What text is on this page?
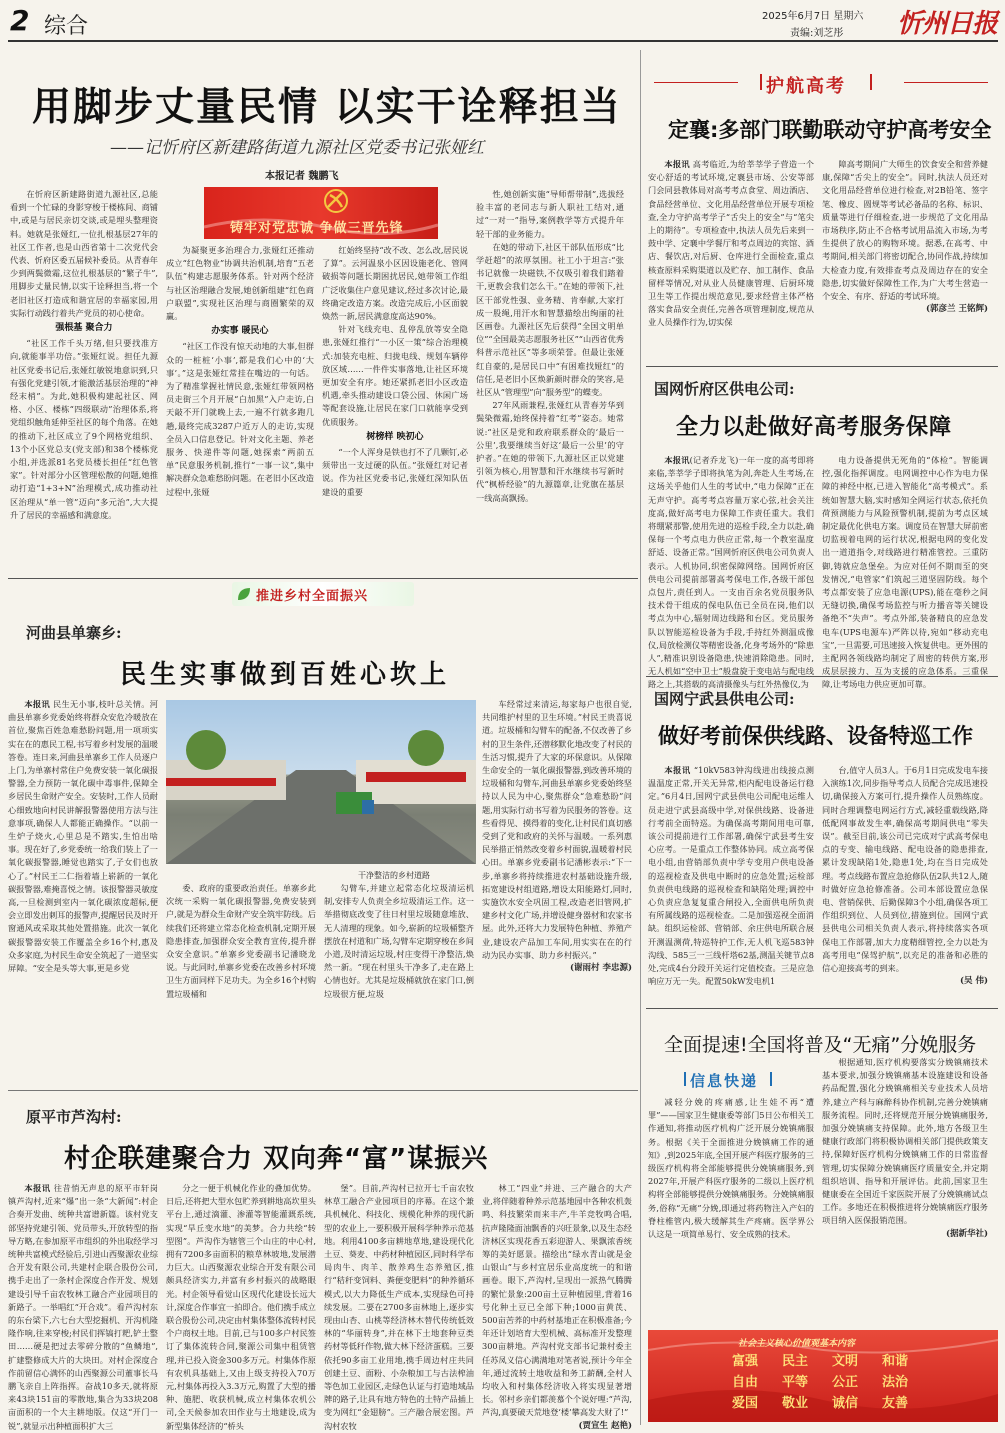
2 综合	2025年6月7日 星期六
责编:刘芝彤 忻州日报
用脚步丈量民情 以实干诠释担当
——记忻府区新建路街道九源社区党委书记张娅红
本报记者 魏鹏飞
铸牢对党忠诚 争做三晋先锋

在忻府区新建路街道九源社区,总能看到一个忙碌的身影穿梭于楼栋间、商铺中,或是与居民亲切交谈,或是埋头整理资料。她就是张娅红,一位扎根基层27年的社区工作者,也是山西省第十二次党代会代表、忻府区委五届候补委员。从青春年少到两鬓微霜,这位扎根基层的“繁子牛”,用脚步丈量民情,以实干诠释担当,将一个老旧社区打造成和谐宜居的幸福家园,用实际行动践行着共产党员的初心使命。

强根基 聚合力

“社区工作千头万绪,但只要找准方向,就能事半功倍。”张娅红说。担任九源社区党委书记后,张娅红敏锐地意识到,只有强化党建引领,才能激活基层治理的“神经末梢”。为此,她积极构建起社区、网格、小区、楼栋“四级联动”治理体系,将党组织触角延伸至社区的每个角落。在她的推动下,社区成立了9个网格党组织、13个小区党总支(党支部)和38个楼栋党小组,并选派81名党员楼长担任“红色管家”。针对部分小区管理松散的问题,她推动打造“1+3+N”治理模式,成功推动社区治理从“单一管”迈向“多元治”,大大提升了居民的幸福感和满意度。

为凝聚更多治理合力,张娅红还推动成立“红色物业”协调共治机制,培育“五老队伍”构建志愿服务体系。针对两个经济与社区治理融合发展,她创新组建“红色商户联盟”,实现社区治理与商圈繁荣的双赢。

办实事 暖民心

“社区工作没有惊天动地的大事,但群众的一桩桩‘小事’,都是我们心中的‘大事’。”这是张娅红常挂在嘴边的一句话。为了精准掌握社情民意,张娅红带领网格员走街三个月开展“白加黑”入户走访,白天敲不开门就晚上去,一遍不行就多跑几趟,最终完成3287户近万人的走访,实现全员入口信息登记。针对文化主题、养老服务、快递件等问题,她探索“两前五单”民意服务机制,推行“一事一议”,集中解决群众急难愁盼问题。在老旧小区改造过程中,张娅

红始终坚持“改不改、怎么改,居民说了算”。云河温泉小区因设施老化、管网破损等问题长期困扰居民,她带领工作组广泛收集住户意见建议,经过多次讨论,最终确定改造方案。改造完成后,小区面貌焕然一新,居民满意度高达90%。

针对飞线充电、乱停乱放等安全隐患,张娅红推行“一小区一策”综合治理模式:加装充电桩、归拢电线、规划车辆停放区域……一件件实事落地,让社区环境更加安全有序。她还紧抓老旧小区改造机遇,牵头推动建设口袋公园、休闲广场等配套设施,让居民在家门口就能享受到优质服务。

树榜样 映初心

“一个人浑身是铁也打不了几颗钉,必须带出一支过硬的队伍。”张娅红对记者说。作为社区党委书记,张娅红深知队伍建设的重要

性,她创新实施“导师帮带制”,选拔经验丰富的老同志与新人职社工结对,通过“一对一”指导,案例教学等方式提升年轻干部的业务能力。

在她的带动下,社区干部队伍形成“比学赶超”的浓厚氛围。社工小于坦言:“张书记就像一块磁铁,不仅吸引着我们踏着干,更教会我们怎么干。”在她的带领下,社区干部党性强、业务精、肯奉献,大家打成一股绳,用汗水和智慧描绘出绚丽的社区画卷。九源社区先后获得“全国文明单位”“全国最美志愿服务社区”“山西省优秀科普示范社区”等多项荣誉。但最让张娅红自豪的,是居民口中“有困难找娅红”的信任,是老旧小区焕新颜时群众的笑容,是社区从“管理型”向“服务型”的蝶变。

27年风雨兼程,张娅红从青春芳华到鬓染微霜,始终保持着“红考”姿态。她常说:“社区是党和政府联系群众的‘最后一公里’,我要继续当好这‘最后一公里’的守护者。”在她的带领下,九源社区正以党建引领为核心,用智慧和汗水继续书写新时代“枫桥经验”的九源篇章,让党旗在基层一线高高飘扬。

护航高考
定襄:多部门联勤联动守护高考安全

本报讯 高考临近,为给莘莘学子营造一个安心舒适的考试环境,定襄县市场、公安等部门会同县教体局对高考考点食堂、周边酒店、食品经营单位、文化用品经营单位开展专项检查,全力守护高考学子“舌尖上的安全”与“笔尖上的期待”。专项检查中,执法人员先后来到一鼓中学、定襄中学餐厅和考点周边的宾馆、酒店、餐饮店,对后厨、仓库进行全面检查,重点核查原料采购渠道以及贮存、加工制作、食品留样等情况,对从业人员健康管理、后厨环境卫生等工作提出规范意见,要求经营主体严格落实食品安全责任,完善各项管理制度,规范从业人员操作行为,切实保

障高考期间广大师生的饮食安全和营养健康,保障“舌尖上的安全”。同时,执法人员还对文化用品经营单位进行检查,对2B铅笔、签字笔、橡皮、圆规等考试必备品的名称、标识、质量等进行仔细检查,进一步规范了文化用品市场秩序,防止不合格考试用品流入市场,为考生提供了放心的购物环境。据悉,在高考、中考期间,相关部门将密切配合,协同作战,持续加大检查力度,有效排查考点及周边存在的安全隐患,切实做好保障性工作,为广大考生营造一个安全、有序、舒适的考试环境。

(郭彦兰 王铭辉)
国网忻府区供电公司:
全力以赴做好高考服务保障

本报讯(记者乔龙飞)一年一度的高考即将来临,莘莘学子即将执笔为剑,奔赴人生考场,在这场关乎他们人生的考试中,“电力保障”正在无声守护。高考考点容量万家心弦,社会关注度高,做好高考电力保障工作责任重大。我们将绷紧那警,使用先进的巡检手段,全力以赴,确保每一个考点电力供应正常,每一个教室温度舒适、设备正常。”国网忻府区供电公司负责人表示。人机协同,织密保障网络。国网忻府区供电公司提前部署高考保电工作,各级干部包点包片,责任到人。一支由百余名党员服务队技术骨干组成的保电队伍已全员在岗,他们以考点为中心,辐射周边线路和台区。党员服务队以智能巡检设备为手段,手持红外测温成像仪,局放检测仪等精密设备,化身考场外的“除患人”,精准识别设备隐患,快速消除隐患。同时,无人机如“空中卫士”般盘旋于变电站与配电线路之上,其搭载的高清摄像头与红外热像仪,为

电力设备提供无死角的“体检”。智能调控,强化指挥调度。电网调控中心作为电力保障的神经中枢,已进入智能化“高考模式”。系统如智慧大脑,实时感知全网运行状态,依托负荷预测能力与风险预警机制,提前为考点区域制定最优化供电方案。调度员在智慧大屏前密切监视着电网的运行状况,根据电网的变化发出一道道指令,对线路进行精准管控。三重防御,铸就应急堡垒。为应对任何不期而至的突发情况,“电管家”们筑起三道坚固防线。每个考点都安装了应急电源(UPS),能在毫秒之间无缝切换,确保考场监控与听力播音等关键设备绝不“失声”。考点外部,装备精良的应急发电车(UPS电源车)严阵以待,宛如“移动充电宝”,一旦需要,可迅速接入恢复供电。更外围的主配网各领线路均制定了周密的转供方案,形成层层接力、互为支援的应急体系。三重保障,让考场电力供应更加可靠。

国网宁武县供电公司:
做好考前保供线路、设备特巡工作

本报讯 “10kV583钟沟线进出线接点测温温度正常,开关无异常,柜内配电设备运行稳定。”6月4日,国网宁武县供电公司配电运维人员走进宁武县高级中学,对保供线路、设备进行考前全面特巡。为确保高考期间用电可靠,该公司提前进行工作部署,确保宁武县考生安心应考。一是重点工作整体协同。成立高考保电小组,由营销部负责中学专变用户供电设备的巡视检查及供电中断时的应急处置;运检部负责供电线路的巡视检查和缺陷处理;调控中心负责应急复复重合闸投入,全面供电所负责有所属线路的巡视检查。二是加强巡视全面消缺。组织运检部、营销部、余庄供电所联合展开测温测荷,特巡特护工作,无人机飞巡583钟沟线、585三一三线杆塔62基,测温关键节点8处,完成4台分段开关运行定值校查。三是应急响应万无一失。配置50kW发电机1

台,值守人员3人。于6月1日完成发电车接入演练1次,同步指导考点人员配合完成迅速投切,确保接入方案可行,提升操作人员熟练度。同时合理调整电网运行方式,减轻重载线路,降低配网事故发生率,确保高考期间供电“零失误”。截至目前,该公司已完成对宁武高考保电点的专变、输电线路、配电设备的隐患排查,累计发现缺陷1处,隐患1处,均在当日完成处理。考点线路布置应急抢修队伍2队共12人,随时做好应急抢修准备。公司本部设置应急保电、营销保供、后勤保障3个小组,确保各项工作组织到位、人员到位,措施到位。国网宁武县供电公司相关负责人表示,将持续落实各项保电工作部署,加大力度精细管控,全力以赴为高考用电“保驾护航”,以充足的准备和必胜的信心迎接高考的到来。

(吴 伟)
全面提速!全国将普及“无痛”分娩服务
信息快递

减轻分娩的疼痛感,让生娃不再“遭罪”——国家卫生健康委等部门5日公布相关工作通知,将推动医疗机构广泛开展分娩镇痛服务。根据《关于全面推进分娩镇痛工作的通知》,到2025年底,全国开展产科医疗服务的三级医疗机构将全部能够提供分娩镇痛服务,到2027年,开展产科医疗服务的二级以上医疗机构将全部能够提供分娩镇痛服务。分娩镇痛服务,俗称“无痛”分娩,即通过将药物注入产妇的脊柱椎管内,极大缓解其生产疼痛。医学界公认这是一项简单易行、安全成熟的技术。

根据通知,医疗机构要落实分娩镇痛技术基本要求,加强分娩镇痛基本设施建设和设备药品配置,强化分娩镇痛相关专业技术人员培养,建立产科与麻醉科协作机制,完善分娩镇痛服务流程。同时,还将规范开展分娩镇痛服务,加强分娩镇痛支持保障。此外,地方各级卫生健康行政部门将积极协调相关部门提供政策支持,保障好医疗机构分娩镇痛工作的日常监督管理,切实保障分娩镇痛医疗质量安全,并定期组织培训、指导和开展评估。此前,国家卫生健康委在全国近千家医院开展了分娩镇痛试点工作。多地还在积极推进将分娩镇痛医疗服务项目纳入医保报销范围。

(据新华社)
社会主义核心价值观基本内容
富强	民主	文明	和谐
自由	平等	公正	法治
爱国	敬业	诚信	友善
推进乡村全面振兴
河曲县单寨乡:
民生实事做到百姓心坎上

本报讯 民生无小事,枝叶总关情。河曲县单寨乡党委始终将群众安危冷暖放在首位,聚焦百姓急难愁盼问题,用一项项实实在在的惠民工程,书写着乡村发展的温暖答卷。连日来,河曲县单寨乡工作人员逐户上门,为单寨村常住户免费安装一氧化碳报警器,全力预防一氧化碳中毒事件,保障全乡居民生命财产安全。安装时,工作人员耐心细致地向村民讲解报警器使用方法与注意事项,确保人人都能正确操作。“以前一生炉子烧火,心里总是不踏实,生怕出啥事。现在好了,乡党委统一给我们装上了一氧化碳报警器,睡觉也踏实了,子女们也放心了。”村民王二仁指着墙上崭新的一氧化碳报警器,难掩喜悦之情。该报警器灵敏度高,一旦检测到室内一氧化碳浓度超标,便会立即发出刺耳的报警声,提醒居民及时开窗通风或采取其他处置措施。此次一氧化碳报警器安装工作覆盖全乡16个村,惠及众多家庭,为村民生命安全筑起了一道坚实屏障。“安全是头等大事,更是乡党

干净整洁的乡村道路

委、政府的重要政治责任。单寨乡此次统一采购一氧化碳报警器,免费安装到户,就是为群众生命财产安全筑牢防线。后续我们还将建立常态化检查机制,定期开展隐患排查,加强群众安全教育宣传,提升群众安全意识。”单寨乡党委副书记潘晓龙说。与此同时,单寨乡党委在改善乡村环境卫生方面同样下足功夫。为全乡16个村购置垃圾桶和

勾臂车,并建立起常态化垃圾清运机制,安排专人负责全乡垃圾清运工作。这一举措彻底改变了往日村里垃圾随意堆放、无人清理的现象。如今,崭新的垃圾桶整齐摆放在村道和广场,勾臂车定期穿梭在乡间小道,及时清运垃圾,村庄变得干净整洁,焕然一新。“现在村里头干净多了,走在路上心情也好。尤其是垃圾桶就放在家门口,倒垃圾很方便,垃圾

车经常过来清运,每家每户也很自觉,共同维护村里的卫生环境。”村民王贵喜说道。垃圾桶和勾臂车的配备,不仅改善了乡村的卫生条件,还潜移默化地改变了村民的生活习惯,提升了大家的环保意识。从保障生命安全的一氧化碳报警器,到改善环境的垃圾桶和勾臂车,河曲县单寨乡党委始终坚持以人民为中心,聚焦群众“急难愁盼”问题,用实际行动书写着为民服务的答卷。这些看得见、摸得着的变化,让村民们真切感受到了党和政府的关怀与温暖。一系列惠民举措正悄然改变着乡村面貌,温暖着村民心田。单寨乡党委副书记潘彬表示:“下一步,单寨乡将持续推进农村基础设施升级,拓宽建设村组道路,增设太阳能路灯,同时,实施饮水安全巩固工程,改造老旧管网,扩建乡村文化广场,并增设健身器材和农家书屋。此外,还将大力发展特色种植、养殖产业,建设农产品加工车间,用实实在在的行动为民办实事、助力乡村振兴。”

(谢雨村 李忠源)
原平市芦沟村:
村企联建聚合力 双向奔“富”谋振兴

本报讯 往昔悄无声息的原平市轩岗镇芦沟村,近来“爆”出一条“大新闻”:村企合奏开发曲、统种共富谱新篇。该村党支部坚持党建引领、党员带头,开放转型的指导方略,在参加原平市组织的外出取经学习统种共富模式经验后,引进山西聚源农业综合开发有限公司,共建村企联合股份公司,携手走出了一条村企深度合作开发、规划建设引导千亩农牧林工融合产业园项目的新路子。一举唱红“开合戏”。看芦沟村东的东台梁下,六七台大型挖掘机、开沟机隆隆作响,往来穿梭;村民们挥镐打耙,铲土整田……硬是把过去零碎分散的“鱼鳞地”,扩建整修成大片的大块田。对村企深度合作前留信心满怀的山西聚源公司董事长马鹏飞亲自上阵指挥。奋战10多天,就将原来43块151亩的零散地,集合为33块208亩面积的一个大主耕地版。仅这“开门一锐”,就显示出种植面积扩大三

分之一便于机械化作业的叠加优势。日后,还将把大型水包贮养到耕地高坎里头平台上,通过滴灌、渗灌等智能灌溉系统,实现“旱丘变水地”的美梦。合力共绘“转型图”。芦沟作为辖管三个山庄的中心村,拥有7200多亩面积的粮草林坡地,发展潜力巨大。山西聚源农业综合开发有限公司颇具经济实力,并富有乡村振兴的战略眼光。村企领导看觉山区现代化建设长远大计,深度合作事宜一拍即合。他们携手成立联合股份公司,决定由村集体整体流转村民个户商权土地。目前,已与100多户村民签订了集体流转合同,聚源公司集中租赁管理,并已投入资金300多万元。村集体作原有农机具基础上,又由上级支持投入70万元,村集体再投入3.3万元,购置了大型的播种、施肥、收获机械,成立村集体农机公司,全天候参加农田作业与土地建设,成为新型集体经济的“桥头

堡”。目前,芦沟村已拉开七千亩农牧林草工融合产业园项目的序幕。在这个兼具机械化、科技化、规模化种养的现代新型的农业上,一要积极开展科学种养示范基地。利用4100多亩耕地草地,建设现代化土豆、葵麦、中药材种植园区,同时科学布局肉牛、肉羊、散养鸡生态养殖区,推行“秸秆变饲料、粪便变肥料”的种养循环模式,以大力降低生产成本,实现绿色可持续发展。二要在2700多亩林地上,逐步实现由山杏、山桃等经济林木替代传统低效林的“华丽转身”,并在林下土地套种豆类药材等低秆作物,做大林下经济蛋糕。三要依托90多亩工业用地,携手周边村庄共同创建土豆、面粉、小杂粮加工与古法榨油等色加工业园区,走绿色认证与打造地域品牌的路子,让具有地方特色的土特产品插上变为网红“金翅膀”。三产融合展宏图。芦沟村农牧

林工“四业”并进、三产融合的大产业,将伴随着种养示范基地园中各种农机轰鸣、科技繁荣而来丰产,牛羊竞牧鸣合唱,抗声隆隆面油飘香的兴旺景象,以及生态经济林区实现花香五彩迎游人、果飘浓香统筹的美好愿景。描绘出“绿水青山就是金山银山”与乡村宜居乐业高度统一的和谐画卷。眼下,芦沟村,呈现出一派热气腾腾的繁忙景象:200亩土豆种植园里,背着16号化种土豆已全部下种;1000亩黄芪、500亩苦荞的中药材基地正在积极准备;今年还计划培育大型机械、高标准开发整理300亩耕地。芦沟村党支部书记兼村委主任苏凤义信心满满地对笔者说,预计今年全年,通过流转土地收益和务工薪酬,全村人均收入和村集体经济收入将实现显著增长。邻村乡亲们都羡慕个个说好哩:“芦沟,芦沟,真要破天荒地登‘楼’攀高发大财了!”

(贾宣生 赵艳)
